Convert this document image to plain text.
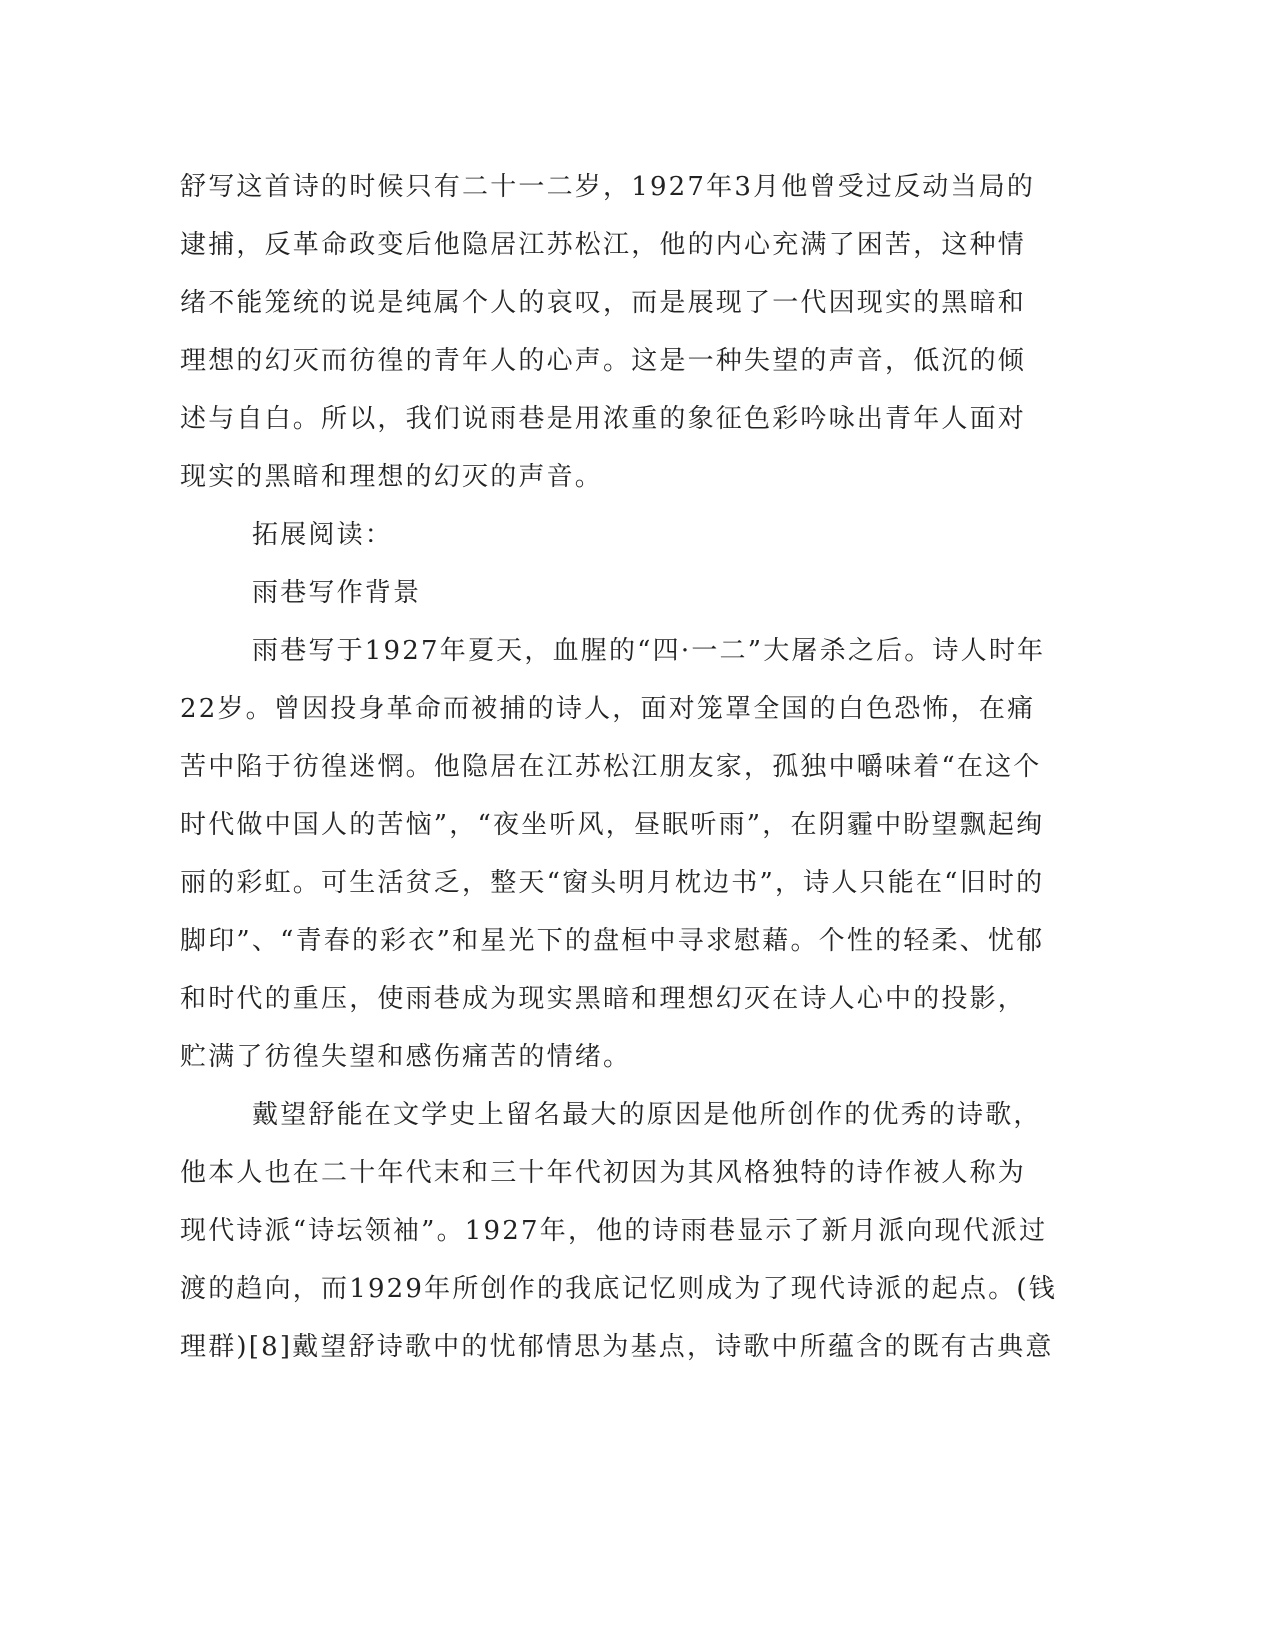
舒写这首诗的时候只有二十一二岁，1927年3月他曾受过反动当局的
逮捕，反革命政变后他隐居江苏松江，他的内心充满了困苦，这种情
绪不能笼统的说是纯属个人的哀叹，而是展现了一代因现实的黑暗和
理想的幻灭而彷徨的青年人的心声。这是一种失望的声音，低沉的倾
述与自白。所以，我们说雨巷是用浓重的象征色彩吟咏出青年人面对
现实的黑暗和理想的幻灭的声音。
拓展阅读：
雨巷写作背景
雨巷写于1927年夏天，血腥的“四·一二”大屠杀之后。诗人时年
22岁。曾因投身革命而被捕的诗人，面对笼罩全国的白色恐怖，在痛
苦中陷于彷徨迷惘。他隐居在江苏松江朋友家，孤独中嚼味着“在这个
时代做中国人的苦恼”，“夜坐听风，昼眠听雨”，在阴霾中盼望飘起绚
丽的彩虹。可生活贫乏，整天“窗头明月枕边书”，诗人只能在“旧时的
脚印”、“青春的彩衣”和星光下的盘桓中寻求慰藉。个性的轻柔、忧郁
和时代的重压，使雨巷成为现实黑暗和理想幻灭在诗人心中的投影，
贮满了彷徨失望和感伤痛苦的情绪。
戴望舒能在文学史上留名最大的原因是他所创作的优秀的诗歌，
他本人也在二十年代末和三十年代初因为其风格独特的诗作被人称为
现代诗派“诗坛领袖”。1927年，他的诗雨巷显示了新月派向现代派过
渡的趋向，而1929年所创作的我底记忆则成为了现代诗派的起点。(钱
理群)[8]戴望舒诗歌中的忧郁情思为基点，诗歌中所蕴含的既有古典意
